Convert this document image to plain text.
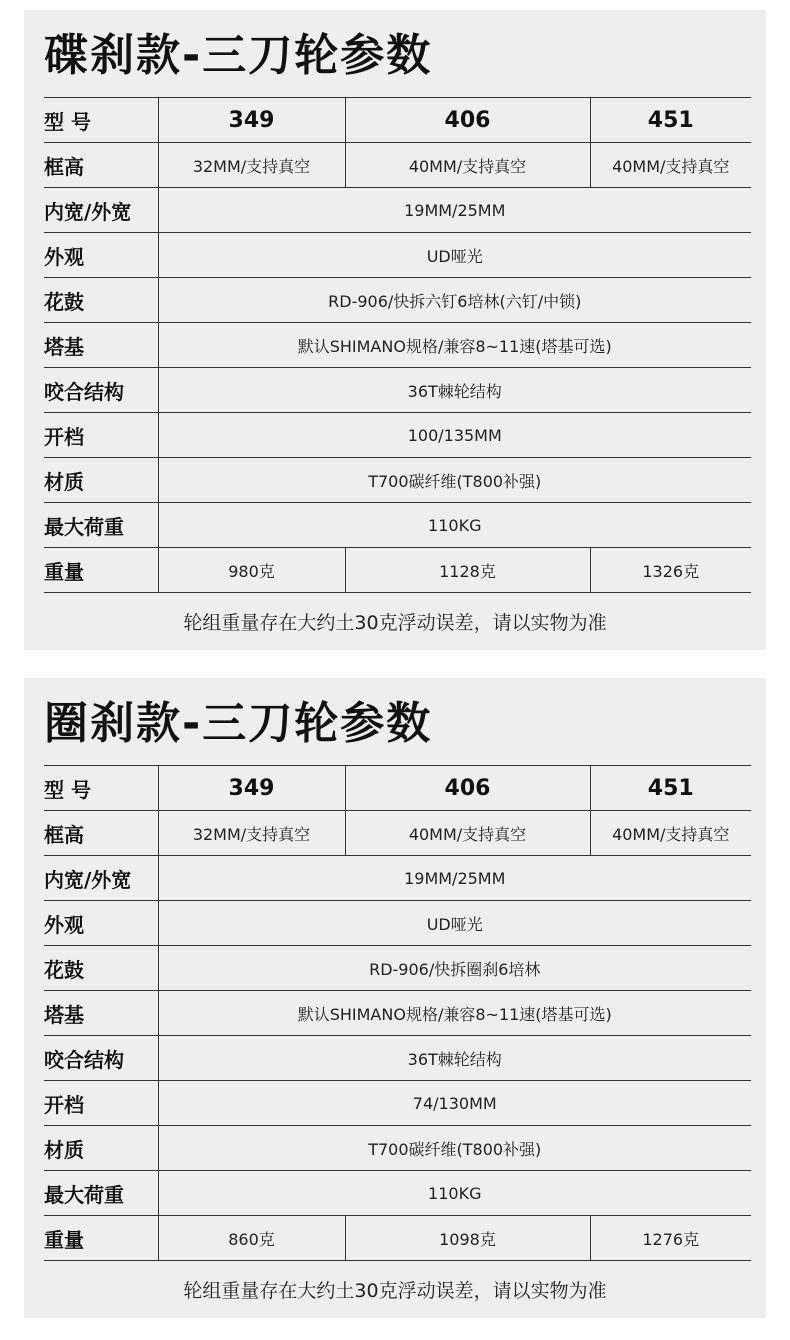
碟刹款-三刀轮参数
型 号	349	406	451
框高	32MM/支持真空	40MM/支持真空	40MM/支持真空
内宽/外宽	19MM/25MM		
外观	UD哑光		
花鼓	RD-906/快拆六钉6培林(六钉/中锁)		
塔基	默认SHIMANO规格/兼容8~11速(塔基可选)		
咬合结构	36T棘轮结构		
开档	100/135MM		
材质	T700碳纤维(T800补强)		
最大荷重	110KG		
重量	980克	1128克	1326克
轮组重量存在大约土30克浮动误差，请以实物为准
圈刹款-三刀轮参数
型 号	349	406	451
框高	32MM/支持真空	40MM/支持真空	40MM/支持真空
内宽/外宽	19MM/25MM		
外观	UD哑光		
花鼓	RD-906/快拆圈刹6培林		
塔基	默认SHIMANO规格/兼容8~11速(塔基可选)		
咬合结构	36T棘轮结构		
开档	74/130MM		
材质	T700碳纤维(T800补强)		
最大荷重	110KG		
重量	860克	1098克	1276克
轮组重量存在大约土30克浮动误差，请以实物为准
